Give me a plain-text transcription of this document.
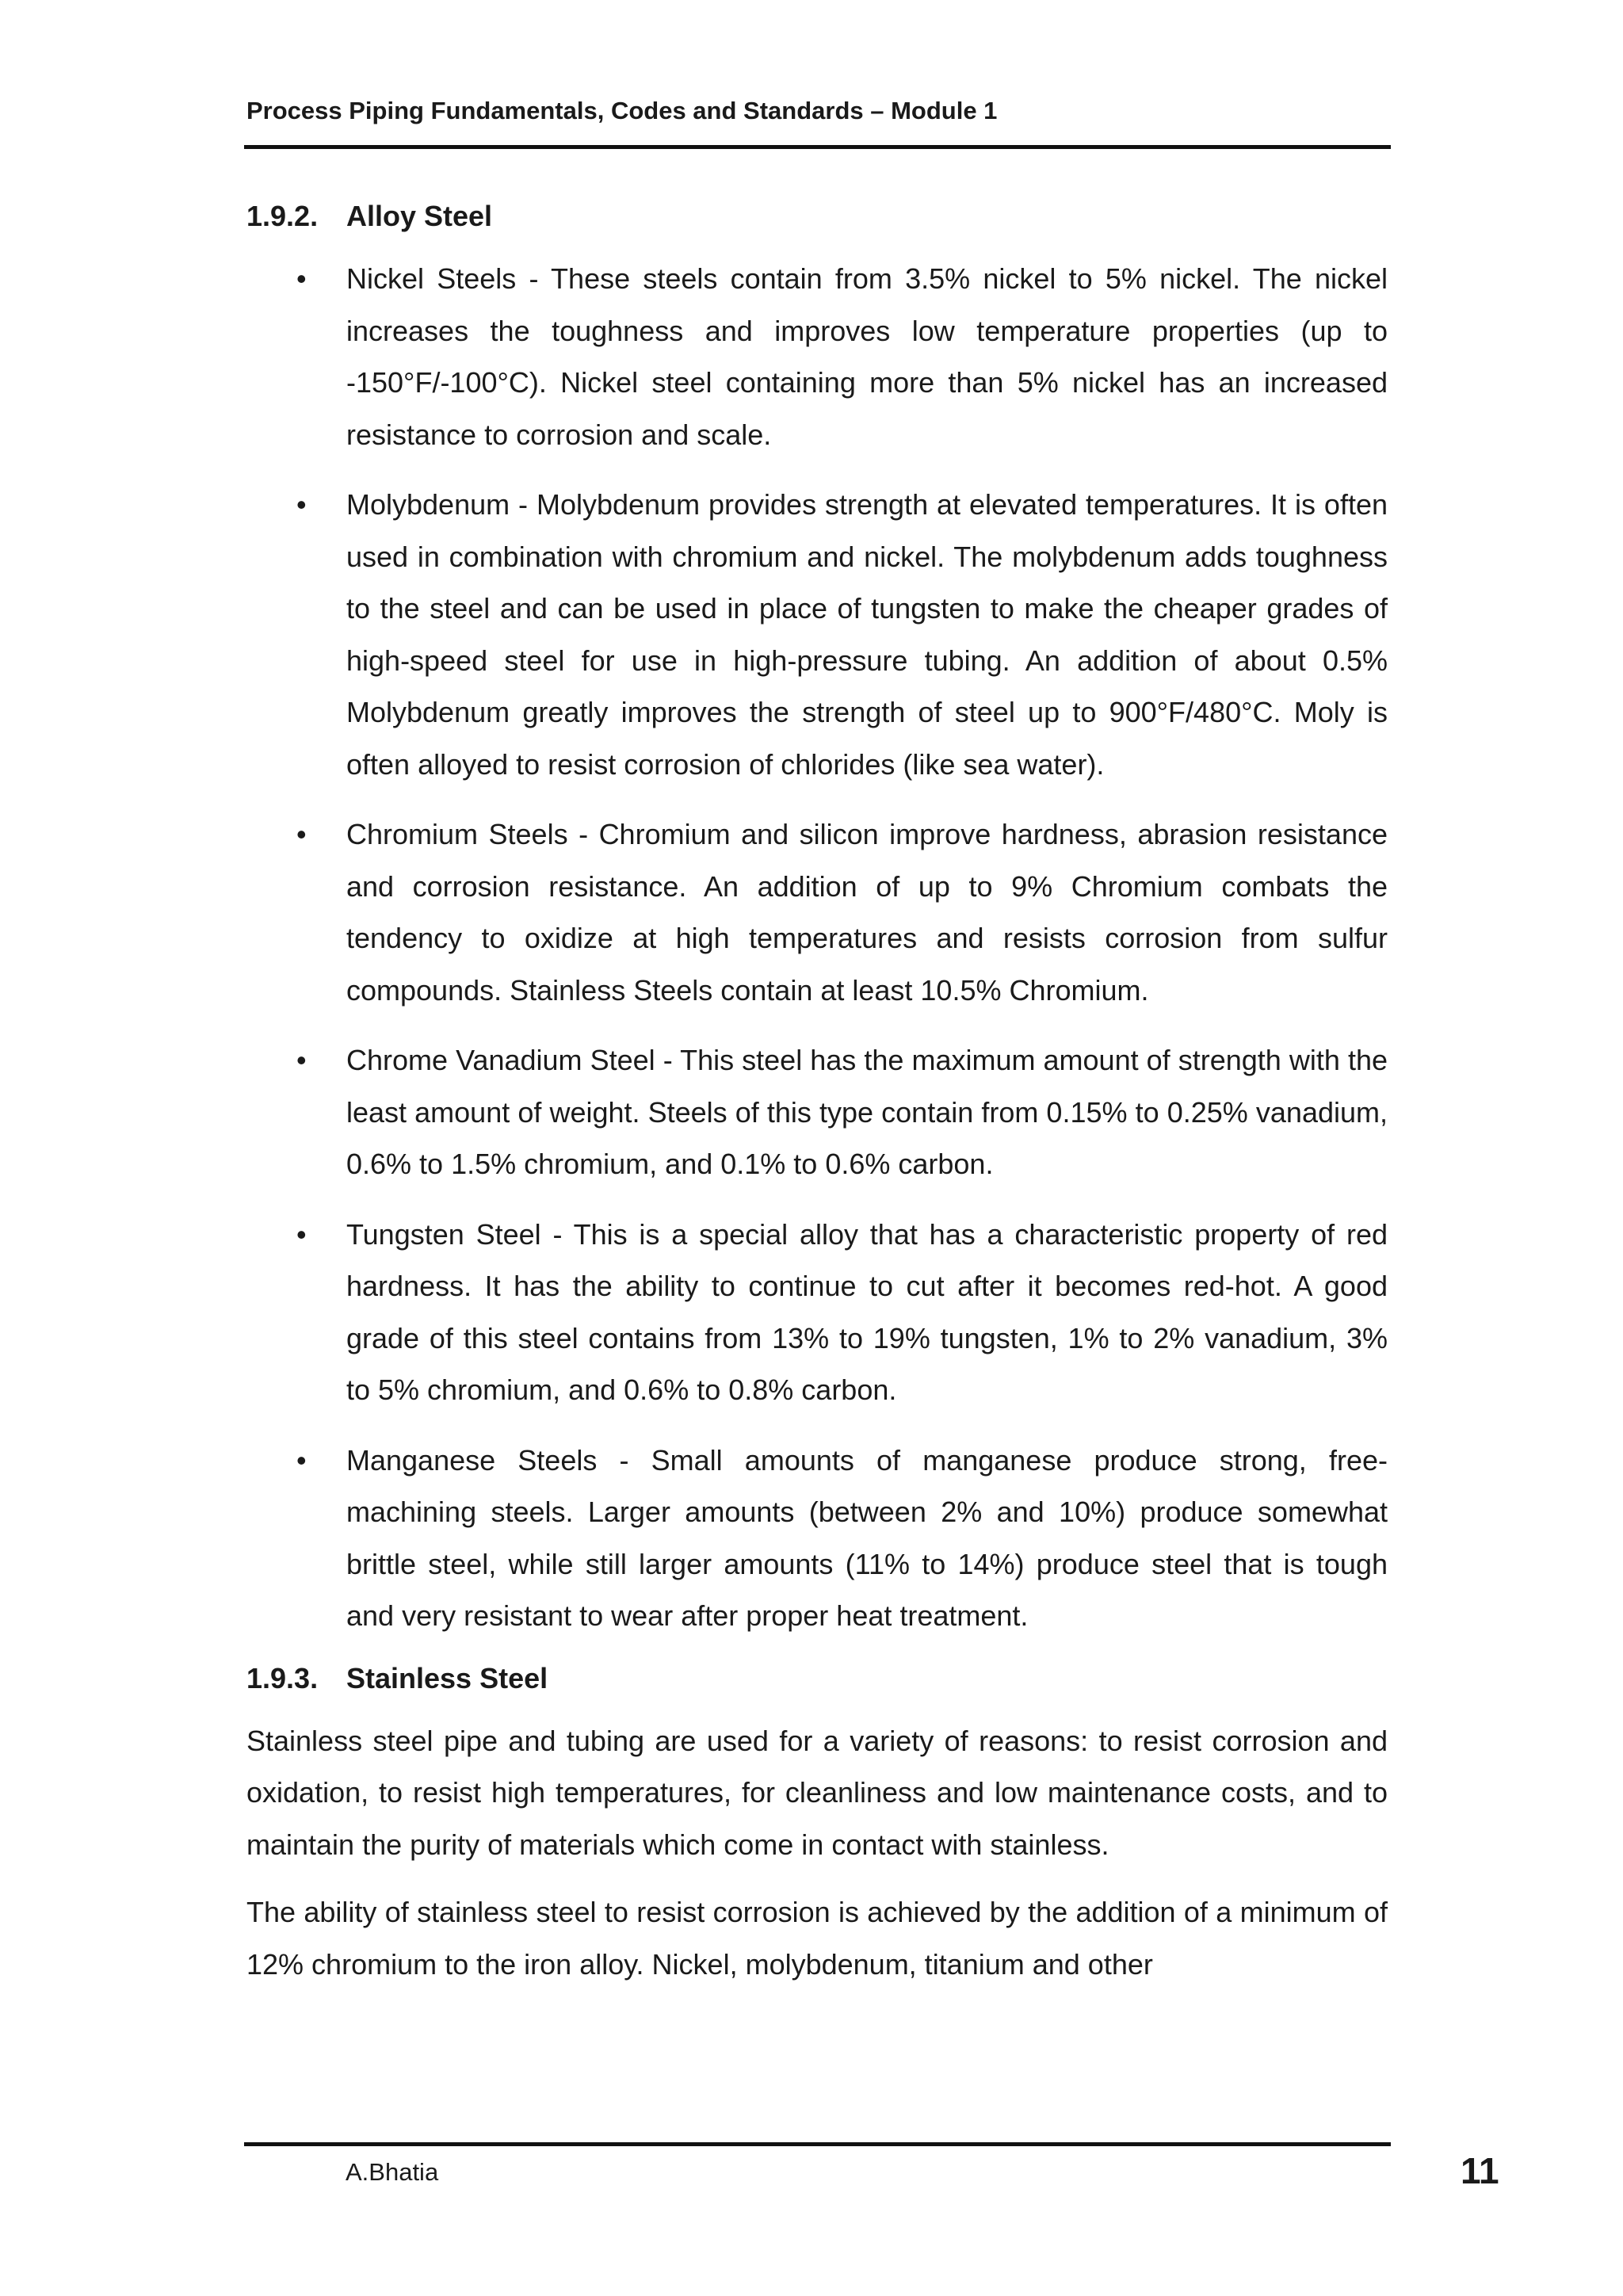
Process Piping Fundamentals, Codes and Standards – Module 1
1.9.2. Alloy Steel
• Nickel Steels - These steels contain from 3.5% nickel to 5% nickel. The nickel increases the toughness and improves low temperature properties (up to -150°F/-100°C). Nickel steel containing more than 5% nickel has an increased resistance to corrosion and scale.
• Molybdenum - Molybdenum provides strength at elevated temperatures. It is often used in combination with chromium and nickel. The molybdenum adds toughness to the steel and can be used in place of tungsten to make the cheaper grades of high-speed steel for use in high-pressure tubing. An addition of about 0.5% Molybdenum greatly improves the strength of steel up to 900°F/480°C. Moly is often alloyed to resist corrosion of chlorides (like sea water).
• Chromium Steels - Chromium and silicon improve hardness, abrasion resistance and corrosion resistance. An addition of up to 9% Chromium combats the tendency to oxidize at high temperatures and resists corrosion from sulfur compounds. Stainless Steels contain at least 10.5% Chromium.
• Chrome Vanadium Steel - This steel has the maximum amount of strength with the least amount of weight. Steels of this type contain from 0.15% to 0.25% vanadium, 0.6% to 1.5% chromium, and 0.1% to 0.6% carbon.
• Tungsten Steel - This is a special alloy that has a characteristic property of red hardness. It has the ability to continue to cut after it becomes red-hot. A good grade of this steel contains from 13% to 19% tungsten, 1% to 2% vanadium, 3% to 5% chromium, and 0.6% to 0.8% carbon.
• Manganese Steels - Small amounts of manganese produce strong, free-machining steels. Larger amounts (between 2% and 10%) produce somewhat brittle steel, while still larger amounts (11% to 14%) produce steel that is tough and very resistant to wear after proper heat treatment.
1.9.3. Stainless Steel

Stainless steel pipe and tubing are used for a variety of reasons: to resist corrosion and oxidation, to resist high temperatures, for cleanliness and low maintenance costs, and to maintain the purity of materials which come in contact with stainless.

The ability of stainless steel to resist corrosion is achieved by the addition of a minimum of 12% chromium to the iron alloy. Nickel, molybdenum, titanium and other

A.Bhatia	11
